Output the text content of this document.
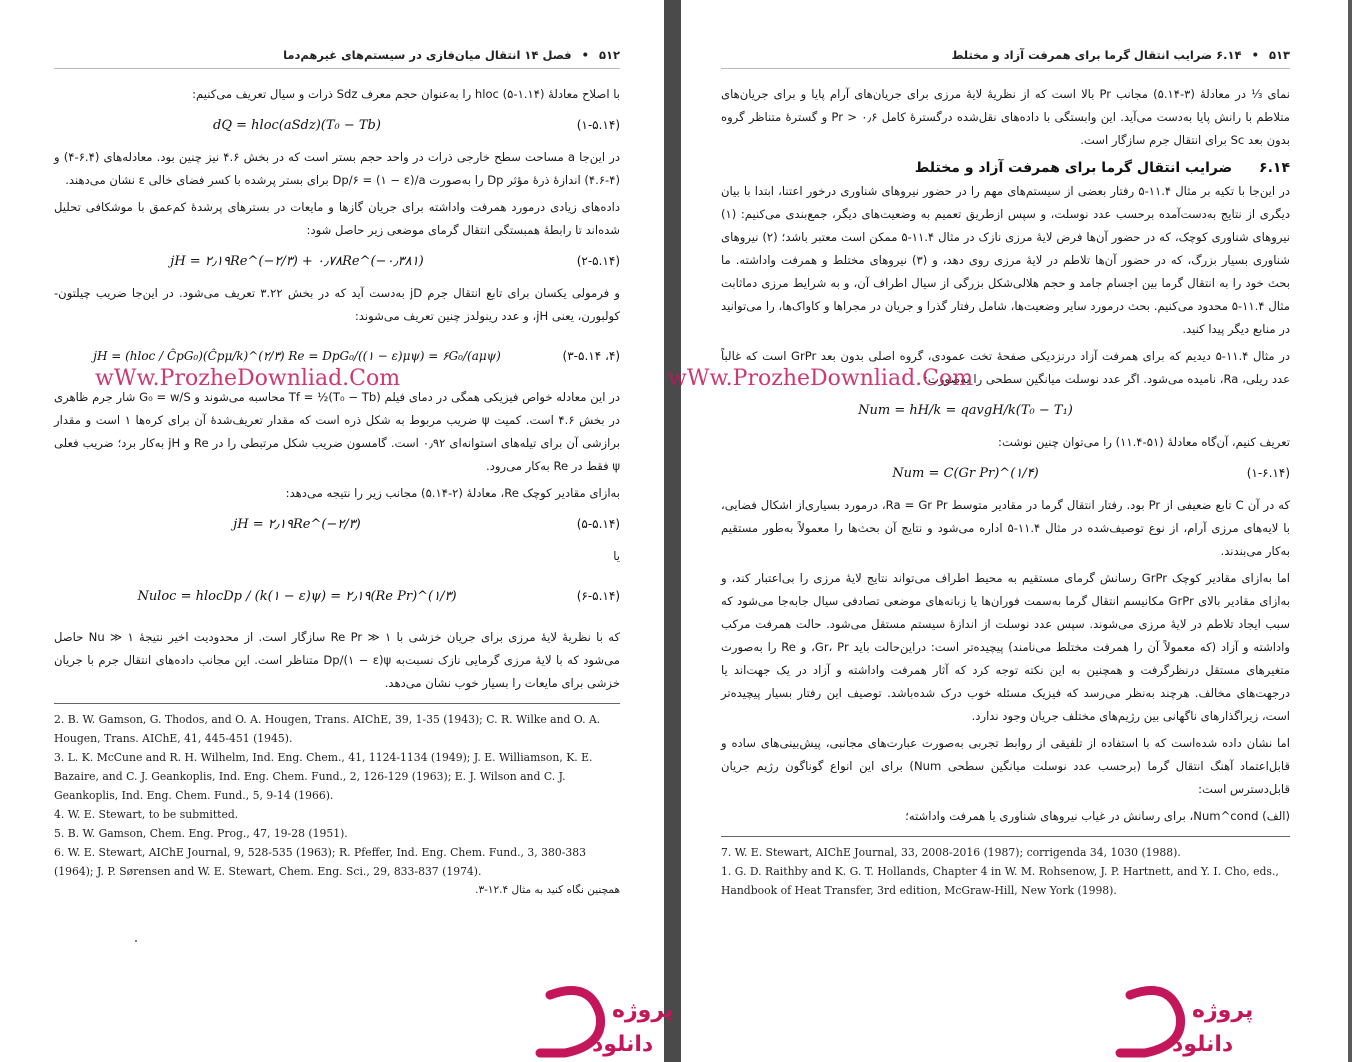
۵۱۲
•
فصل ۱۴ انتقال میان‌فازی در سیستم‌های غیرهم‌دما

با اصلاح معادلهٔ (۱.۱۴-۵) hloc را به‌عنوان حجم معرف Sdz ذرات و سیال تعریف می‌کنیم:

dQ = hloc(aSdz)(T₀ − Tb)	(۱-۵.۱۴)

در این‌جا a مساحت سطح خارجی ذرات در واحد حجم بستر است که در بخش ۴.۶ نیز چنین بود. معادله‌های (۶.۴-۴) و (۴-۴.۶) اندازهٔ ذرهٔ مؤثر Dp را به‌صورت Dp/۶ = (۱ − ε)/a برای بستر پرشده با کسر فضای خالی ε نشان می‌دهند.

داده‌های زیادی درمورد همرفت واداشته برای جریان گازها و مایعات در بسترهای پرشدهٔ کم‌عمق با موشکافی تحلیل شده‌اند تا رابطهٔ همبستگی انتقال گرمای موضعی زیر حاصل شود:

jH = ۲٫۱۹Re^(−۲/۳) + ۰٫۷۸Re^(−۰٫۳۸۱)	(۲-۵.۱۴)

و فرمولی یکسان برای تابع انتقال جرم jD به‌دست آید که در بخش ۳.۲۲ تعریف می‌شود. در این‌جا ضریب چیلتون-کولبورن، یعنی jH، و عدد رینولدز چنین تعریف می‌شوند:

jH = (hloc / ĈpG₀)(Ĉpμ/k)^(۲/۳) Re = DpG₀/((۱ − ε)μψ) = ۶G₀/(aμψ)	(۴، ۳-۵.۱۴)

در این معادله خواص فیزیکی همگی در دمای فیلم Tf = ½(T₀ − Tb) محاسبه می‌شوند و G₀ = w/S شار جرم ظاهری در بخش ۴.۶ است. کمیت ψ ضریب مربوط به شکل ذره است که مقدار تعریف‌شدهٔ آن برای کره‌ها ۱ است و مقدار برازشی آن برای تیله‌های استوانه‌ای ۰٫۹۲ است. گامسون ضریب شکل مرتبطی را در Re و jH به‌کار برد؛ ضریب فعلی ψ فقط در Re به‌کار می‌رود.

به‌ازای مقادیر کوچک Re، معادلهٔ (۲-۵.۱۴) مجانب زیر را نتیجه می‌دهد:

jH = ۲٫۱۹Re^(−۲/۳)	(۵-۵.۱۴)

یا

Nuloc = hlocDp / (k(۱ − ε)ψ) = ۲٫۱۹(Re Pr)^(۱/۳)	(۶-۵.۱۴)

که با نظریهٔ لایهٔ مرزی برای جریان خزشی با Re Pr ≫ ۱ سازگار است. از محدودیت اخیر نتیجهٔ Nu ≫ ۱ حاصل می‌شود که با لایهٔ مرزی گرمایی نازک نسبت‌به Dp/(۱ − ε)ψ متناظر است. این مجانب داده‌های انتقال جرم با جریان خزشی برای مایعات را بسیار خوب نشان می‌دهد.

2. B. W. Gamson, G. Thodos, and O. A. Hougen, Trans. AIChE, 39, 1-35 (1943); C. R. Wilke and O. A. Hougen, Trans. AIChE, 41, 445-451 (1945).

3. L. K. McCune and R. H. Wilhelm, Ind. Eng. Chem., 41, 1124-1134 (1949); J. E. Williamson, K. E. Bazaire, and C. J. Geankoplis, Ind. Eng. Chem. Fund., 2, 126-129 (1963); E. J. Wilson and C. J. Geankoplis, Ind. Eng. Chem. Fund., 5, 9-14 (1966).

4. W. E. Stewart, to be submitted.

5. B. W. Gamson, Chem. Eng. Prog., 47, 19-28 (1951).

6. W. E. Stewart, AIChE Journal, 9, 528-535 (1963); R. Pfeffer, Ind. Eng. Chem. Fund., 3, 380-383 (1964); J. P. Sørensen and W. E. Stewart, Chem. Eng. Sci., 29, 833-837 (1974).

همچنین نگاه کنید به مثال ۱۲.۴-۳.

۶.۱۴ ضرایب انتقال گرما برای همرفت آزاد و مختلط • ۵۱۳

نمای ⅓ در معادلهٔ (۳-۵.۱۴) مجانب Pr بالا است که از نظریهٔ لایهٔ مرزی برای جریان‌های آرام پایا و برای جریان‌های متلاطم با رانش پایا به‌دست می‌آید. این وابستگی با داده‌های نقل‌شده درگسترهٔ کامل Pr > ۰٫۶ و گسترهٔ متناظر گروه بدون بعد Sc برای انتقال جرم سازگار است.

۶.۱۴ ضرایب انتقال گرما برای همرفت آزاد و مختلط

در این‌جا با تکیه بر مثال ۱۱.۴-۵ رفتار بعضی از سیستم‌های مهم را در حضور نیروهای شناوری درخور اعتنا، ابتدا با بیان دیگری از نتایج به‌دست‌آمده برحسب عدد نوسلت، و سپس ازطریق تعمیم به وضعیت‌های دیگر، جمع‌بندی می‌کنیم: (۱) نیروهای شناوری کوچک، که در حضور آن‌ها فرض لایهٔ مرزی نازک در مثال ۱۱.۴-۵ ممکن است معتبر باشد؛ (۲) نیروهای شناوری بسیار بزرگ، که در حضور آن‌ها تلاطم در لایهٔ مرزی روی دهد، و (۳) نیروهای مختلط و همرفت واداشته. ما بحث خود را به انتقال گرما بین اجسام جامد و حجم هلالی‌شکل بزرگی از سیال اطراف آن، و به شرایط مرزی دماثابت مثال ۱۱.۴-۵ محدود می‌کنیم. بحث درمورد سایر وضعیت‌ها، شامل رفتار گذرا و جریان در مجراها و کاواک‌ها، را می‌توانید در منابع دیگر پیدا کنید.

در مثال ۱۱.۴-۵ دیدیم که برای همرفت آزاد درنزدیکی صفحهٔ تخت عمودی، گروه اصلی بدون بعد GrPr است که غالباً عدد ریلی، Ra، نامیده می‌شود. اگر عدد نوسلت میانگین سطحی را به‌صورت:

Num = hH/k = qavgH/k(T₀ − T₁)

تعریف کنیم، آن‌گاه معادلهٔ (۵۱-۱۱.۴) را می‌توان چنین نوشت:

Num = C(Gr Pr)^(۱/۴)	(۱-۶.۱۴)

که در آن C تابع ضعیفی از Pr بود. رفتار انتقال گرما در مقادیر متوسط Ra = Gr Pr، درمورد بسیاری‌از اشکال فضایی، با لایه‌های مرزی آرام، از نوع توصیف‌شده در مثال ۱۱.۴-۵ اداره می‌شود و نتایج آن بحث‌ها را معمولاً به‌طور مستقیم به‌کار می‌بندند.

اما به‌ازای مقادیر کوچک GrPr رسانش گرمای مستقیم به محیط اطراف می‌تواند نتایج لایهٔ مرزی را بی‌اعتبار کند، و به‌ازای مقادیر بالای GrPr مکانیسم انتقال گرما به‌سمت فوران‌ها یا زبانه‌های موضعی تصادفی سیال جابه‌جا می‌شود که سبب ایجاد تلاطم در لایهٔ مرزی می‌شوند. سپس عدد نوسلت از اندازهٔ سیستم مستقل می‌شود. حالت همرفت مرکب واداشته و آزاد (که معمولاً آن را همرفت مختلط می‌نامند) پیچیده‌تر است: دراین‌حالت باید Gr، Pr، و Re را به‌صورت متغیرهای مستقل درنظرگرفت و همچنین به این نکته توجه کرد که آثار همرفت واداشته و آزاد در یک جهت‌اند یا درجهت‌های مخالف. هرچند به‌نظر می‌رسد که فیزیک مسئله خوب درک شده‌باشد. توصیف این رفتار بسیار پیچیده‌تر است، زیراگذارهای ناگهانی بین رژیم‌های مختلف جریان وجود ندارد.

اما نشان داده شده‌است که با استفاده از تلفیقی از روابط تجربی به‌صورت عبارت‌های مجانبی، پیش‌بینی‌های ساده و قابل‌اعتماد آهنگ انتقال گرما (برحسب عدد نوسلت میانگین سطحی Num) برای این انواع گوناگون رژیم جریان قابل‌دسترس است:

(الف) Num^cond، برای رسانش در غیاب نیروهای شناوری یا همرفت واداشته؛

7. W. E. Stewart, AIChE Journal, 33, 2008-2016 (1987); corrigenda 34, 1030 (1988).

1. G. D. Raithby and K. G. T. Hollands, Chapter 4 in W. M. Rohsenow, J. P. Hartnett, and Y. I. Cho, eds., Handbook of Heat Transfer, 3rd edition, McGraw-Hill, New York (1998).

wWw.ProzheDownliad.Com	wWw.ProzheDownliad.Com
پروژه
دانلود
پروژه
دانلود
